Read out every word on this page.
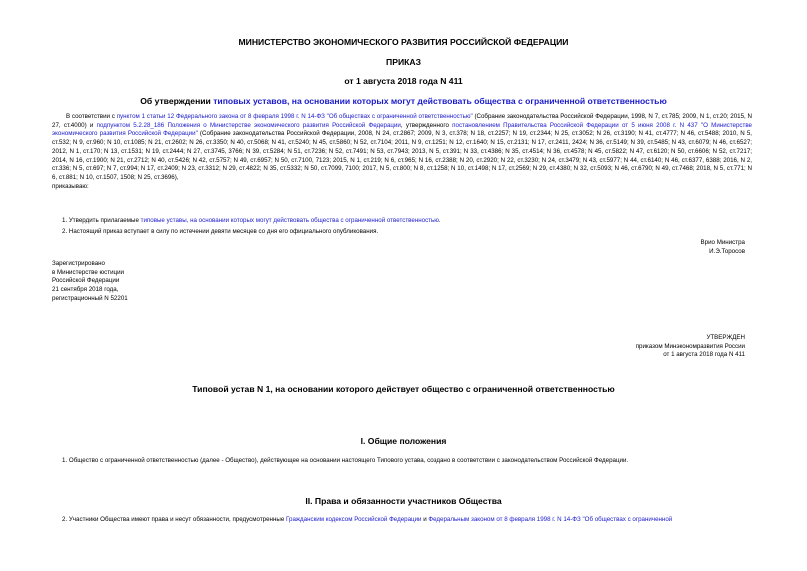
МИНИСТЕРСТВО ЭКОНОМИЧЕСКОГО РАЗВИТИЯ РОССИЙСКОЙ ФЕДЕРАЦИИ
ПРИКАЗ
от 1 августа 2018 года N 411
Об утверждении типовых уставов, на основании которых могут действовать общества с ограниченной ответственностью

В соответствии с пунктом 1 статьи 12 Федерального закона от 8 февраля 1998 г. N 14-ФЗ "Об обществах с ограниченной ответственностью" (Собрание законодательства Российской Федерации, 1998, N 7, ст.785; 2009, N 1, ст.20; 2015, N 27, ст.4000) и подпунктом 5.2.28_186 Положения о Министерстве экономического развития Российской Федерации, утвержденного постановлением Правительства Российской Федерации от 5 июня 2008 г. N 437 "О Министерстве экономического развития Российской Федерации" (Собрание законодательства Российской Федерации, 2008, N 24, ст.2867; 2009, N 3, ст.378; N 18, ст.2257; N 19, ст.2344; N 25, ст.3052; N 26, ст.3190; N 41, ст.4777; N 46, ст.5488; 2010, N 5, ст.532; N 9, ст.960; N 10, ст.1085; N 21, ст.2602; N 26, ст.3350; N 40, ст.5068; N 41, ст.5240; N 45, ст.5860; N 52, ст.7104; 2011, N 9, ст.1251; N 12, ст.1640; N 15, ст.2131; N 17, ст.2411, 2424; N 36, ст.5149; N 39, ст.5485; N 43, ст.6079; N 46, ст.6527; 2012, N 1, ст.170; N 13, ст.1531; N 19, ст.2444; N 27, ст.3745, 3766; N 39, ст.5284; N 51, ст.7236; N 52, ст.7491; N 53, ст.7943; 2013, N 5, ст.391; N 33, ст.4386; N 35, ст.4514; N 36, ст.4578; N 45, ст.5822; N 47, ст.6120; N 50, ст.6606; N 52, ст.7217; 2014, N 16, ст.1900; N 21, ст.2712; N 40, ст.5426; N 42, ст.5757; N 49, ст.6957; N 50, ст.7100, 7123; 2015, N 1, ст.219; N 6, ст.965; N 16, ст.2388; N 20, ст.2920; N 22, ст.3230; N 24, ст.3479; N 43, ст.5977; N 44, ст.6140; N 46, ст.6377, 6388; 2016, N 2, ст.336; N 5, ст.697; N 7, ст.994; N 17, ст.2409; N 23, ст.3312; N 29, ст.4822; N 35, ст.5332; N 50, ст.7099, 7100; 2017, N 5, ст.800; N 8, ст.1258; N 10, ст.1498; N 17, ст.2569; N 29, ст.4380; N 32, ст.5093; N 46, ст.6790; N 49, ст.7468; 2018, N 5, ст.771; N 6, ст.881; N 10, ст.1507, 1508; N 25, ст.3696),

приказываю:

1. Утвердить прилагаемые типовые уставы, на основании которых могут действовать общества с ограниченной ответственностью.
2. Настоящий приказ вступает в силу по истечении девяти месяцев со дня его официального опубликования.
Врио Министра
И.Э.Торосов
Зарегистрировано
в Министерстве юстиции
Российской Федерации
21 сентября 2018 года,
регистрационный N 52201
УТВЕРЖДЕН
приказом Минэкономразвития России
от 1 августа 2018 года N 411
Типовой устав N 1, на основании которого действует общество с ограниченной ответственностью
I. Общие положения
1. Общество с ограниченной ответственностью (далее - Общество), действующее на основании настоящего Типового устава, создано в соответствии с законодательством Российской Федерации.
II. Права и обязанности участников Общества
2. Участники Общества имеют права и несут обязанности, предусмотренные Гражданским кодексом Российской Федерации и Федеральным законом от 8 февраля 1998 г. N 14-ФЗ "Об обществах с ограниченной
